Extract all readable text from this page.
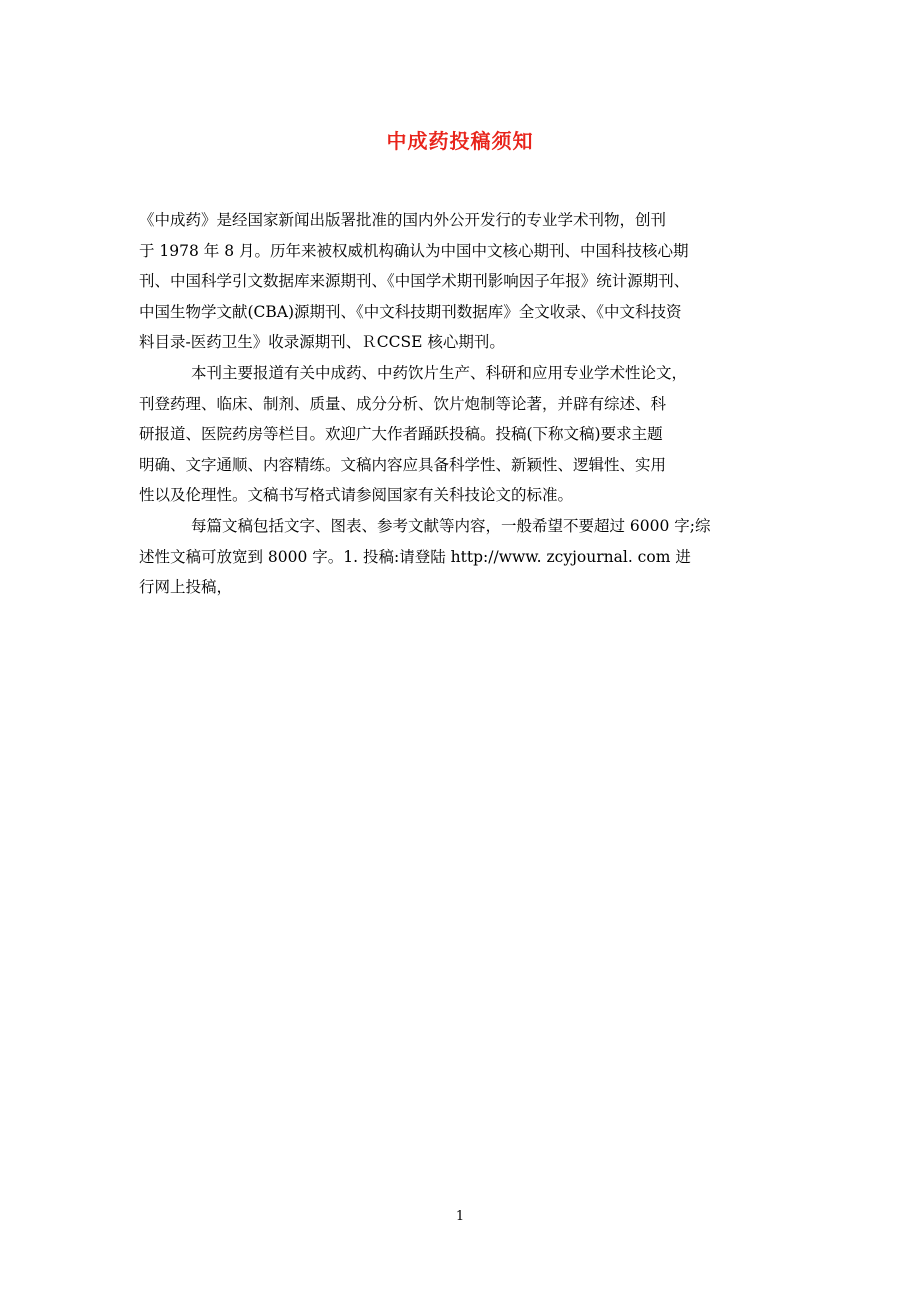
中成药投稿须知
《中成药》是经国家新闻出版署批准的国内外公开发行的专业学术刊物，创刊
于 1978 年 8 月。历年来被权威机构确认为中国中文核心期刊、中国科技核心期
刊、中国科学引文数据库来源期刊、《中国学术期刊影响因子年报》统计源期刊、
中国生物学文献(CBA)源期刊、《中文科技期刊数据库》全文收录、《中文科技资
料目录-医药卫生》收录源期刊、ＲCCSE 核心期刊。
本刊主要报道有关中成药、中药饮片生产、科研和应用专业学术性论文，
刊登药理、临床、制剂、质量、成分分析、饮片炮制等论著，并辟有综述、科
研报道、医院药房等栏目。欢迎广大作者踊跃投稿。投稿(下称文稿)要求主题
明确、文字通顺、内容精练。文稿内容应具备科学性、新颖性、逻辑性、实用
性以及伦理性。文稿书写格式请参阅国家有关科技论文的标准。
每篇文稿包括文字、图表、参考文献等内容，一般希望不要超过 6000 字;综
述性文稿可放宽到 8000 字。1. 投稿:请登陆 http://www. zcyjournal. com 进
行网上投稿，
1
